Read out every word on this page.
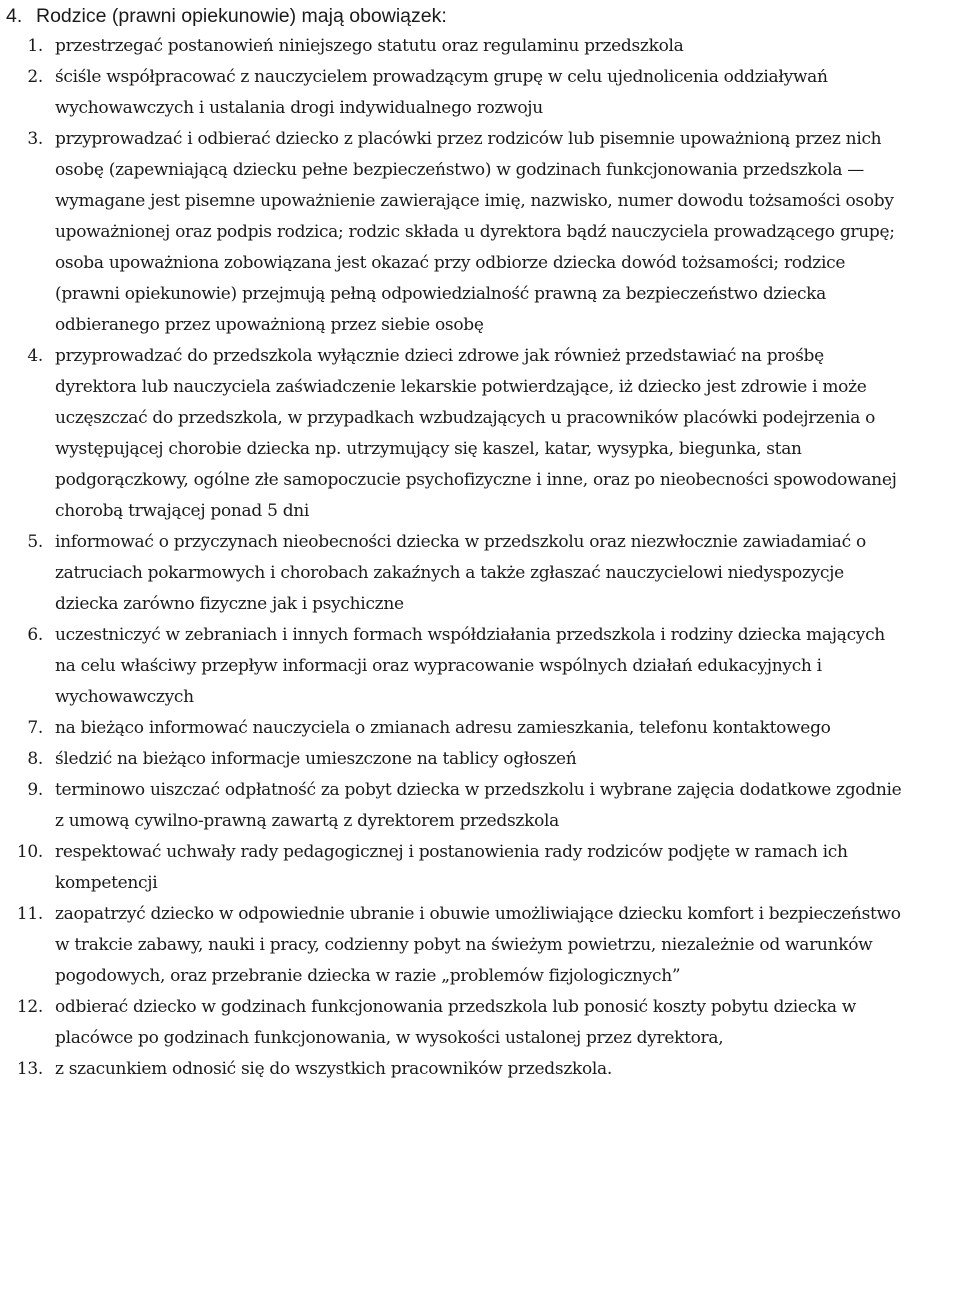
4. Rodzice (prawni opiekunowie) mają obowiązek:
1. przestrzegać postanowień niniejszego statutu oraz regulaminu przedszkola
2. ściśle współpracować z nauczycielem prowadzącym grupę w celu ujednolicenia oddziaływań wychowawczych i ustalania drogi indywidualnego rozwoju
3. przyprowadzać i odbierać dziecko z placówki przez rodziców lub pisemnie upoważnioną przez nich osobę (zapewniającą dziecku pełne bezpieczeństwo) w godzinach funkcjonowania przedszkola — wymagane jest pisemne upoważnienie zawierające imię, nazwisko, numer dowodu tożsamości osoby upoważnionej oraz podpis rodzica; rodzic składa u dyrektora bądź nauczyciela prowadzącego grupę; osoba upoważniona zobowiązana jest okazać przy odbiorze dziecka dowód tożsamości; rodzice (prawni opiekunowie) przejmują pełną odpowiedzialność prawną za bezpieczeństwo dziecka odbieranego przez upoważnioną przez siebie osobę
4. przyprowadzać do przedszkola wyłącznie dzieci zdrowe jak również przedstawiać na prośbę dyrektora lub nauczyciela zaświadczenie lekarskie potwierdzające, iż dziecko jest zdrowie i może uczęszczać do przedszkola, w przypadkach wzbudzających u pracowników placówki podejrzenia o występującej chorobie dziecka np. utrzymujący się kaszel, katar, wysypka, biegunka, stan podgorączkowy, ogólne złe samopoczucie psychofizyczne i inne, oraz po nieobecności spowodowanej chorobą trwającej ponad 5 dni
5. informować o przyczynach nieobecności dziecka w przedszkolu oraz niezwłocznie zawiadamiać o zatruciach pokarmowych i chorobach zakaźnych a także zgłaszać nauczycielowi niedyspozycje dziecka zarówno fizyczne jak i psychiczne
6. uczestniczyć w zebraniach i innych formach współdziałania przedszkola i rodziny dziecka mających na celu właściwy przepływ informacji oraz wypracowanie wspólnych działań edukacyjnych i wychowawczych
7. na bieżąco informować nauczyciela o zmianach adresu zamieszkania, telefonu kontaktowego
8. śledzić na bieżąco informacje umieszczone na tablicy ogłoszeń
9. terminowo uiszczać odpłatność za pobyt dziecka w przedszkolu i wybrane zajęcia dodatkowe zgodnie z umową cywilno-prawną zawartą z dyrektorem przedszkola
10. respektować uchwały rady pedagogicznej i postanowienia rady rodziców podjęte w ramach ich kompetencji
11. zaopatrzyć dziecko w odpowiednie ubranie i obuwie umożliwiające dziecku komfort i bezpieczeństwo w trakcie zabawy, nauki i pracy, codzienny pobyt na świeżym powietrzu, niezależnie od warunków pogodowych, oraz przebranie dziecka w razie „problemów fizjologicznych”
12. odbierać dziecko w godzinach funkcjonowania przedszkola lub ponosić koszty pobytu dziecka w placówce po godzinach funkcjonowania, w wysokości ustalonej przez dyrektora,
13. z szacunkiem odnosić się do wszystkich pracowników przedszkola.
